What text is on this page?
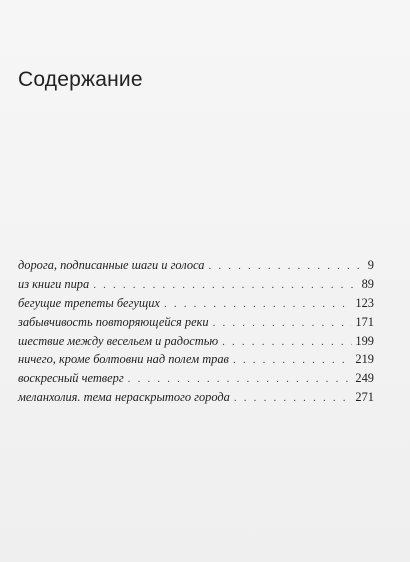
Содержание
дорога, подписанные шаги и голоса . . .	9
из книги пира . . .	89
бегущие трепеты бегущих . . .	123
забывчивость повторяющейся реки . . .	171
шествие между весельем и радостью . . .	199
ничего, кроме болтовни над полем трав . . .	219
воскресный четверг . . .	249
меланхолия. тема нераскрытого города . . .	271
